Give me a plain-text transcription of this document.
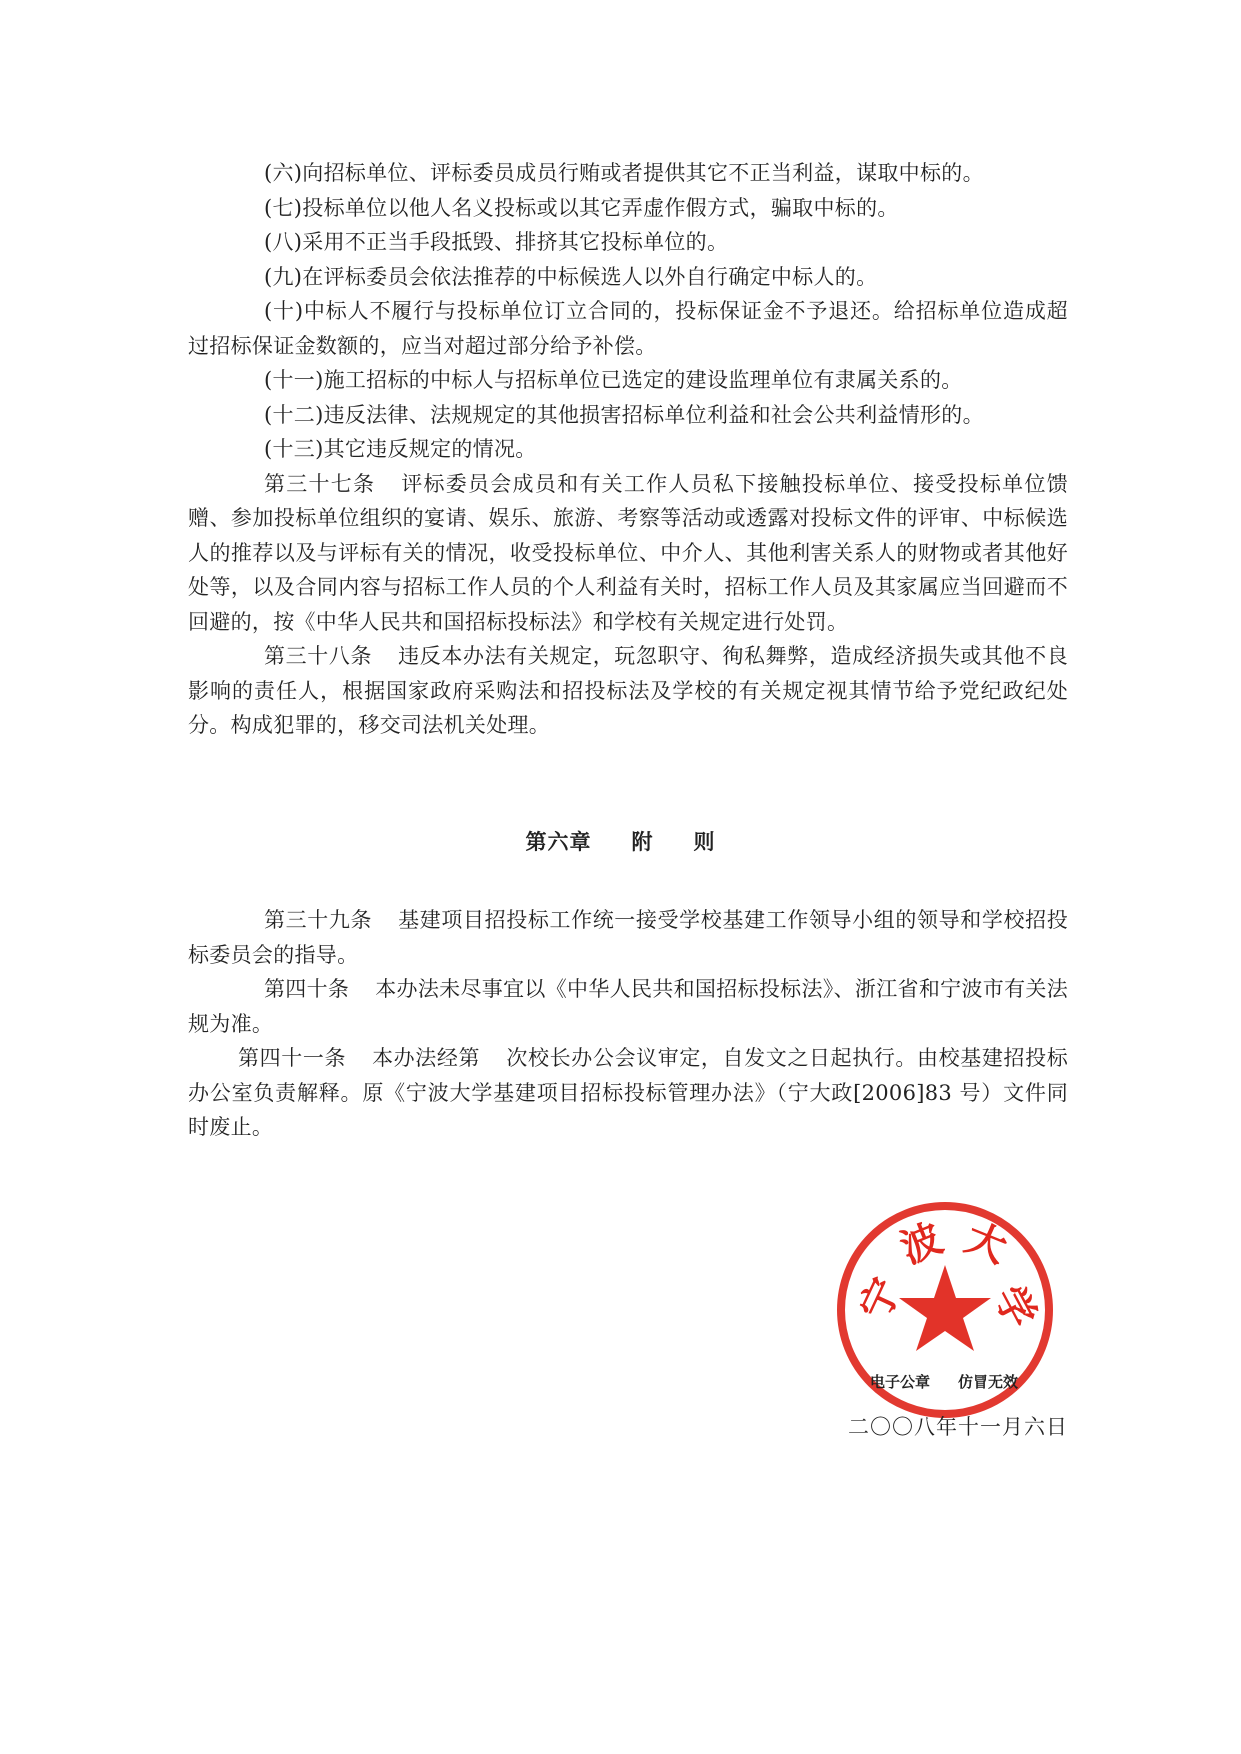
(六)向招标单位、评标委员成员行贿或者提供其它不正当利益，谋取中标的。

(七)投标单位以他人名义投标或以其它弄虚作假方式，骗取中标的。

(八)采用不正当手段抵毁、排挤其它投标单位的。

(九)在评标委员会依法推荐的中标候选人以外自行确定中标人的。

(十)中标人不履行与投标单位订立合同的，投标保证金不予退还。给招标单位造成超过招标保证金数额的，应当对超过部分给予补偿。

(十一)施工招标的中标人与招标单位已选定的建设监理单位有隶属关系的。

(十二)违反法律、法规规定的其他损害招标单位利益和社会公共利益情形的。

(十三)其它违反规定的情况。

第三十七条 评标委员会成员和有关工作人员私下接触投标单位、接受投标单位馈赠、参加投标单位组织的宴请、娱乐、旅游、考察等活动或透露对投标文件的评审、中标候选人的推荐以及与评标有关的情况，收受投标单位、中介人、其他利害关系人的财物或者其他好处等，以及合同内容与招标工作人员的个人利益有关时，招标工作人员及其家属应当回避而不回避的，按《中华人民共和国招标投标法》和学校有关规定进行处罚。

第三十八条 违反本办法有关规定，玩忽职守、徇私舞弊，造成经济损失或其他不良影响的责任人，根据国家政府采购法和招投标法及学校的有关规定视其情节给予党纪政纪处分。构成犯罪的，移交司法机关处理。

第六章 附 则

第三十九条 基建项目招投标工作统一接受学校基建工作领导小组的领导和学校招投标委员会的指导。

第四十条 本办法未尽事宜以《中华人民共和国招标投标法》、浙江省和宁波市有关法规为准。

第四十一条 本办法经第 次校长办公会议审定，自发文之日起执行。由校基建招投标办公室负责解释。原《宁波大学基建项目招标投标管理办法》（宁大政[2006]83 号）文件同时废止。

宁
波 大
学
电子公章 仿冒无效
二〇〇八年十一月六日
